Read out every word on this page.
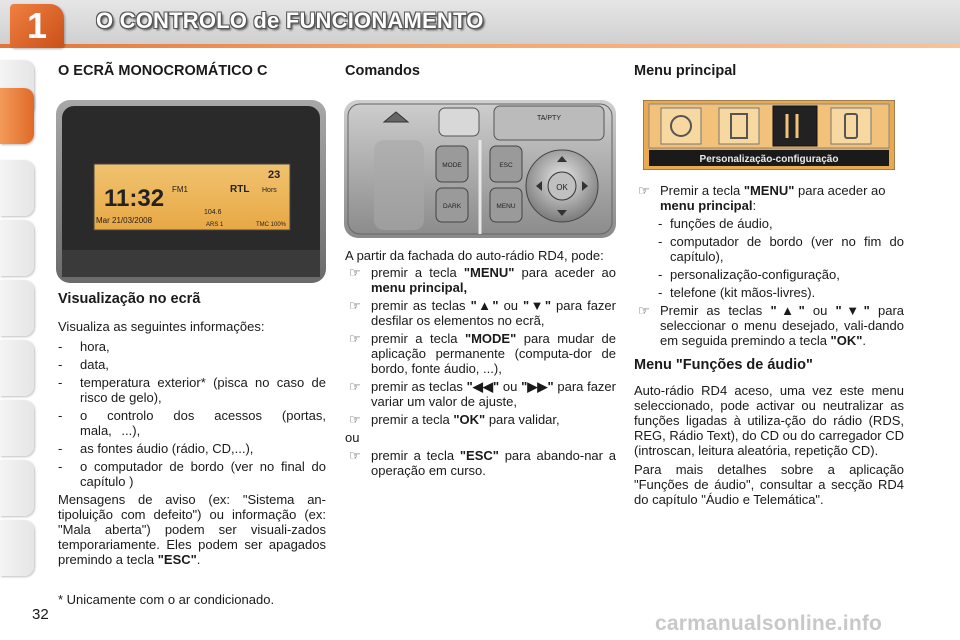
1	O CONTROLO de FUNCIONAMENTO
O ECRÃ MONOCROMÁTICO C
11:32
Mar 21/03/2008
FM1	RTL
23
104.6
Hors
ARS 1	TMC 100%
Visualização no ecrã

Visualiza as seguintes informações:

- hora,
- data,
- temperatura exterior* (pisca no caso de risco de gelo),
- o controlo dos acessos (portas, mala, ...),
- as fontes áudio (rádio, CD,...),
- o computador de bordo (ver no final do capítulo )

Mensagens de aviso (ex: "Sistema an-tipoluição com defeito") ou informação (ex: "Mala aberta") podem ser visuali-zados temporariamente. Eles podem ser apagados premindo a tecla "ESC".

* Unicamente com o ar condicionado.
Comandos
TA/PTY
MODE
DARK
ESC
MENU
OK

A partir da fachada do auto-rádio RD4, pode:

☞ premir a tecla "MENU" para aceder ao menu principal,
☞ premir as teclas "▲" ou "▼" para fazer desfilar os elementos no ecrã,
☞ premir a tecla "MODE" para mudar de aplicação permanente (computa-dor de bordo, fonte áudio, ...),
☞ premir as teclas "◀◀" ou "▶▶" para fazer variar um valor de ajuste,
☞ premir a tecla "OK" para validar,

ou

☞ premir a tecla "ESC" para abando-nar a operação em curso.
Menu principal
Personalização-configuração
☞ Premir a tecla "MENU" para aceder ao menu principal:
- funções de áudio,
- computador de bordo (ver no fim do capítulo),
- personalização-configuração,
- telefone (kit mãos-livres).
☞ Premir as teclas "▲" ou "▼" para seleccionar o menu desejado, vali-dando em seguida premindo a tecla "OK".
Menu "Funções de áudio"

Auto-rádio RD4 aceso, uma vez este menu seleccionado, pode activar ou neutralizar as funções ligadas à utiliza-ção do rádio (RDS, REG, Rádio Text), do CD ou do carregador CD (introscan, leitura aleatória, repetição CD).

Para mais detalhes sobre a aplicação "Funções de áudio", consultar a secção RD4 do capítulo "Áudio e Telemática".

32	carmanualsonline.info
